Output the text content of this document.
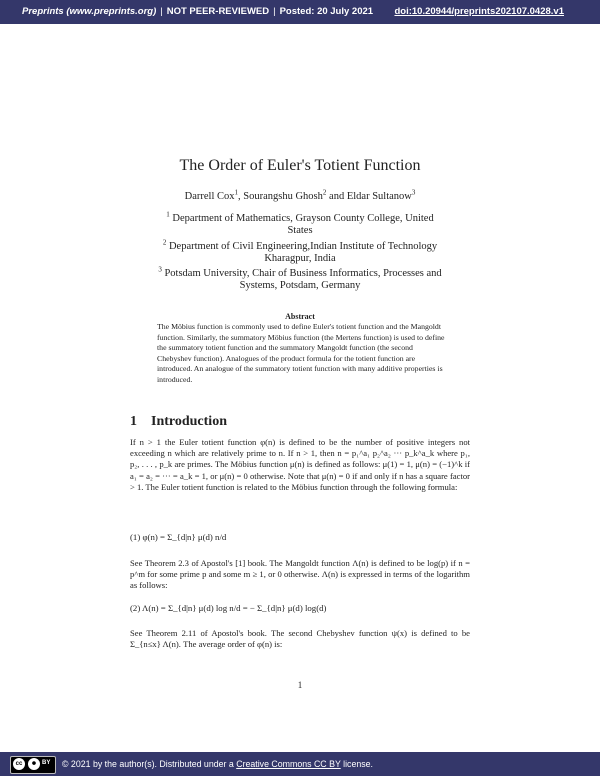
Preprints (www.preprints.org) | NOT PEER-REVIEWED | Posted: 20 July 2021 doi:10.20944/preprints202107.0428.v1
The Order of Euler's Totient Function
Darrell Cox$^1$, Sourangshu Ghosh$^2$ and Eldar Sultanow$^3$
$^1$ Department of Mathematics, Grayson County College, United
States
$^2$ Department of Civil Engineering,Indian Institute of Technology
Kharagpur, India
$^3$ Potsdam University, Chair of Business Informatics, Processes and
Systems, Potsdam, Germany
Abstract
The Möbius function is commonly used to define Euler's totient function and the Mangoldt function. Similarly, the summatory Möbius function (the Mertens function) is used to define the summatory totient function and the summatory Mangoldt function (the second Chebyshev function). Analogues of the product formula for the totient function are introduced. An analogue of the summatory totient function with many additive properties is introduced.
1 Introduction
If n > 1 the Euler totient function φ(n) is defined to be the number of positive integers not exceeding n which are relatively prime to n. If n > 1, then n = p₁^a₁ p₂^a₂ ··· p_k^a_k where p₁, p₂, . . . , p_k are primes. The Möbius function μ(n) is defined as follows: μ(1) = 1, μ(n) = (−1)^k if a₁ = a₂ = ··· = a_k = 1, or μ(n) = 0 otherwise. Note that μ(n) = 0 if and only if n has a square factor > 1. The Euler totient function is related to the Möbius function through the following formula:
(1) φ(n) = Σ_{d|n} μ(d) n/d
See Theorem 2.3 of Apostol's [1] book. The Mangoldt function Λ(n) is defined to be log(p) if n = p^m for some prime p and some m ≥ 1, or 0 otherwise. Λ(n) is expressed in terms of the logarithm as follows:
(2) Λ(n) = Σ_{d|n} μ(d) log n/d = − Σ_{d|n} μ(d) log(d)
See Theorem 2.11 of Apostol's book. The second Chebyshev function ψ(x) is defined to be Σ_{n≤x} Λ(n). The average order of φ(n) is:
1
cc	⚫ BY © 2021 by the author(s). Distributed under a Creative Commons CC BY license.
